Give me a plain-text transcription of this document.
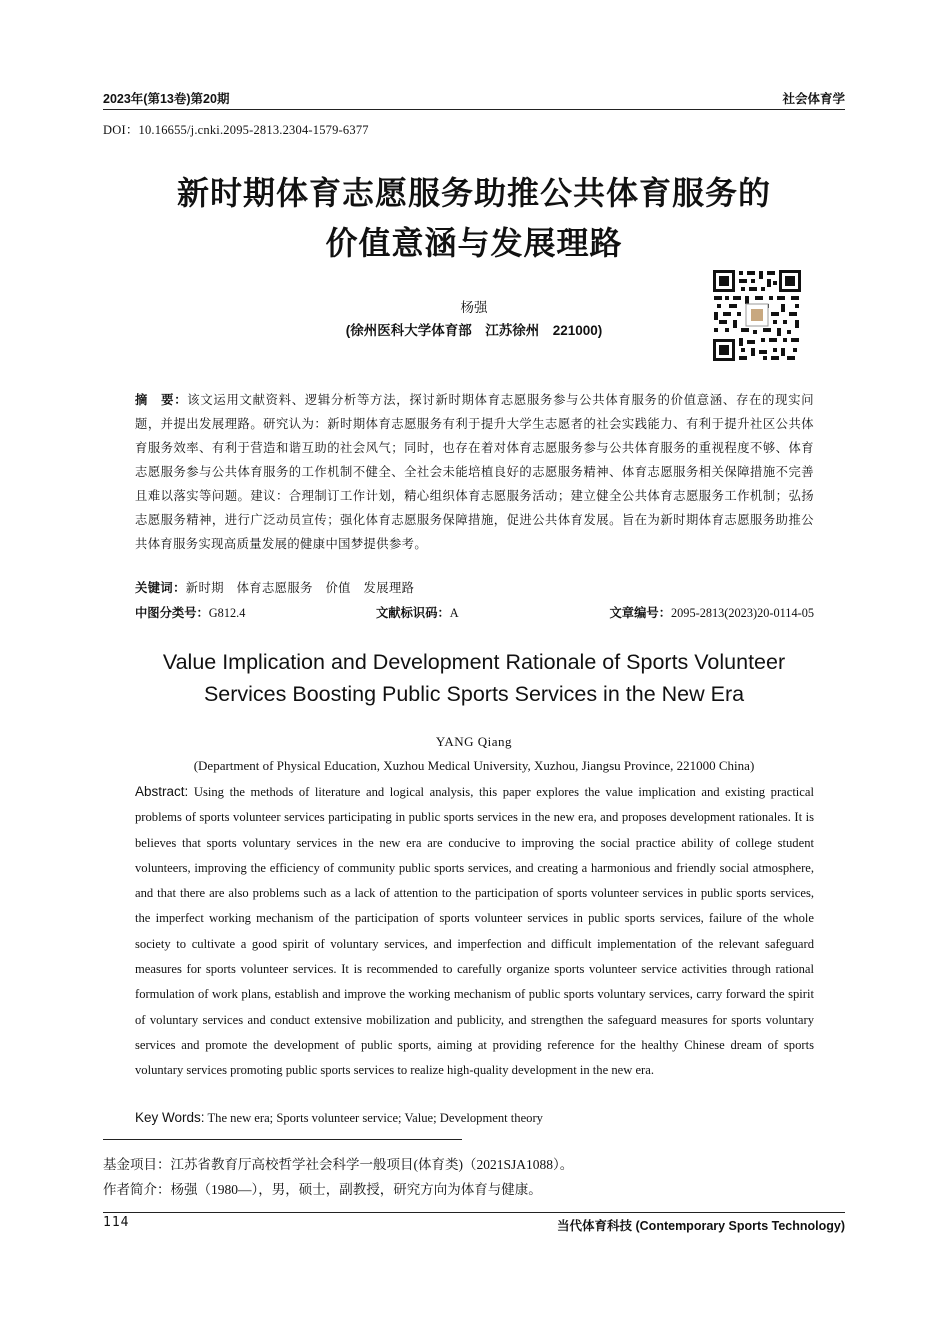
2023年(第13卷)第20期	社会体育学
DOI：10.16655/j.cnki.2095-2813.2304-1579-6377
新时期体育志愿服务助推公共体育服务的
价值意涵与发展理路
杨强
(徐州医科大学体育部　江苏徐州　221000)
摘　要：该文运用文献资料、逻辑分析等方法，探讨新时期体育志愿服务参与公共体育服务的价值意涵、存在的现实问题，并提出发展理路。研究认为：新时期体育志愿服务有利于提升大学生志愿者的社会实践能力、有利于提升社区公共体育服务效率、有利于营造和谐互助的社会风气；同时，也存在着对体育志愿服务参与公共体育服务的重视程度不够、体育志愿服务参与公共体育服务的工作机制不健全、全社会未能培植良好的志愿服务精神、体育志愿服务相关保障措施不完善且难以落实等问题。建议：合理制订工作计划，精心组织体育志愿服务活动；建立健全公共体育志愿服务工作机制；弘扬志愿服务精神，进行广泛动员宣传；强化体育志愿服务保障措施，促进公共体育发展。旨在为新时期体育志愿服务助推公共体育服务实现高质量发展的健康中国梦提供参考。
关键词：新时期　体育志愿服务　价值　发展理路
中图分类号：G812.4	文献标识码：A	文章编号：2095-2813(2023)20-0114-05
Value Implication and Development Rationale of Sports Volunteer
Services Boosting Public Sports Services in the New Era
YANG Qiang
(Department of Physical Education, Xuzhou Medical University, Xuzhou, Jiangsu Province, 221000 China)
Abstract: Using the methods of literature and logical analysis, this paper explores the value implication and existing practical problems of sports volunteer services participating in public sports services in the new era, and proposes development rationales. It is believes that sports voluntary services in the new era are conducive to improving the social practice ability of college student volunteers, improving the efficiency of community public sports services, and creating a harmonious and friendly social atmosphere, and that there are also problems such as a lack of attention to the participation of sports volunteer services in public sports services, the imperfect working mechanism of the participation of sports volunteer services in public sports services, failure of the whole society to cultivate a good spirit of voluntary services, and imperfection and difficult implementation of the relevant safeguard measures for sports volunteer services. It is recommended to carefully organize sports volunteer service activities through rational formulation of work plans, establish and improve the working mechanism of public sports voluntary services, carry forward the spirit of voluntary services and conduct extensive mobilization and publicity, and strengthen the safeguard measures for sports voluntary services and promote the development of public sports, aiming at providing reference for the healthy Chinese dream of sports voluntary services promoting public sports services to realize high-quality development in the new era.
Key Words: The new era; Sports volunteer service; Value; Development theory
基金项目：江苏省教育厅高校哲学社会科学一般项目(体育类)（2021SJA1088）。
作者简介：杨强（1980—），男，硕士，副教授，研究方向为体育与健康。
114	当代体育科技 (Contemporary Sports Technology)
